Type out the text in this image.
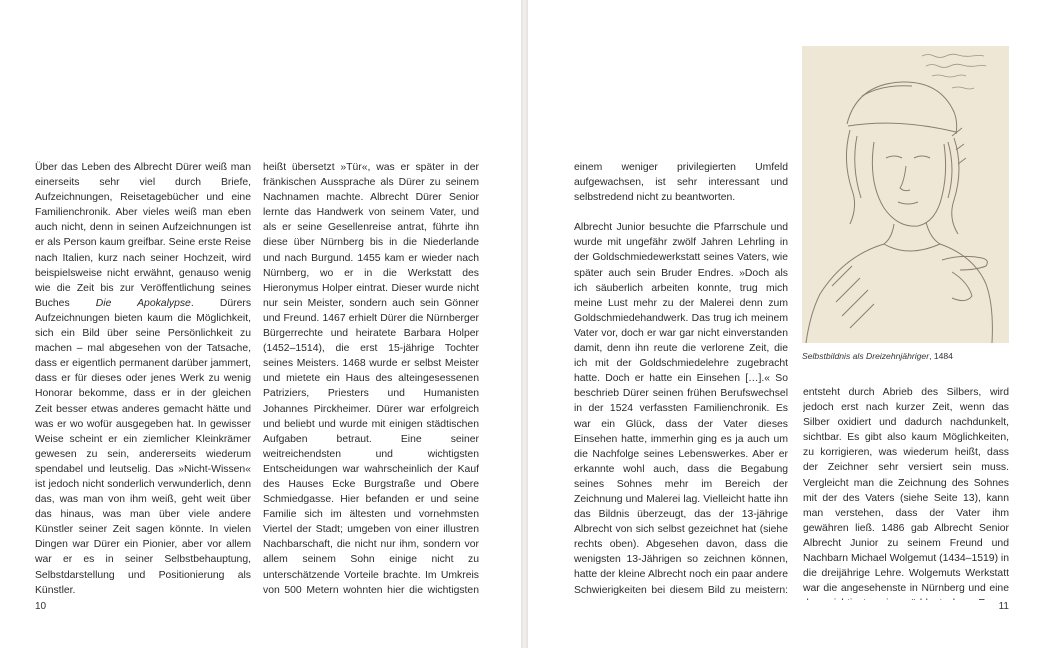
Über das Leben des Albrecht Dürer weiß man einerseits sehr viel durch Briefe, Aufzeichnungen, Reisetagebücher und eine Familienchronik. Aber vieles weiß man eben auch nicht, denn in seinen Aufzeichnungen ist er als Person kaum greifbar. Seine erste Reise nach Italien, kurz nach seiner Hochzeit, wird beispielsweise nicht erwähnt, genauso wenig wie die Zeit bis zur Veröffentlichung seines Buches	Die Apokalypse. Dürers Aufzeichnungen bieten kaum die Möglichkeit, sich ein Bild über seine Persönlichkeit zu machen – mal abgesehen von der Tatsache, dass er eigentlich permanent darüber jammert, dass er für dieses oder jenes Werk zu wenig Honorar bekomme, dass er in der gleichen Zeit besser etwas anderes gemacht hätte und was er wo wofür ausgegeben hat. In gewisser Weise scheint er ein ziemlicher Kleinkrämer gewesen zu sein, andererseits wiederum spendabel und leutselig. Das »Nicht-Wissen« ist jedoch nicht sonderlich verwunderlich, denn das, was man von ihm weiß, geht weit über das hinaus, was man über viele andere Künstler seiner Zeit sagen könnte. In vielen Dingen war Dürer ein Pionier, aber vor allem war er es in seiner Selbstbehauptung, Selbstdarstellung und Positionierung als Künstler.

heißt übersetzt »Tür«, was er später in der fränkischen Aussprache als Dürer zu seinem Nachnamen machte. Albrecht Dürer Senior lernte das Handwerk von seinem Vater, und als er seine Gesellenreise antrat, führte ihn diese über Nürnberg bis in die Niederlande und nach Burgund. 1455 kam er wieder nach Nürnberg, wo er in die Werkstatt des Hieronymus Holper eintrat. Dieser wurde nicht nur sein Meister, sondern auch sein Gönner und Freund. 1467 erhielt Dürer die Nürnberger Bürgerrechte und heiratete Barbara Holper (1452–1514), die erst 15-jährige Tochter seines Meisters. 1468 wurde er selbst Meister und mietete ein Haus des alteingesessenen Patriziers, Priesters und Humanisten Johannes Pirckheimer. Dürer war erfolgreich und beliebt und wurde mit einigen städtischen Aufgaben betraut. Eine seiner weitreichendsten und wichtigsten Entscheidungen war wahrscheinlich der Kauf des Hauses Ecke Burgstraße und Obere Schmiedgasse. Hier befanden er und seine Familie sich im ältesten und vornehmsten Viertel der Stadt; umgeben von einer illustren Nachbarschaft, die nicht nur ihm, sondern vor allem seinem Sohn einige nicht zu unterschätzende Vorteile brachte. Im Umkreis von 500 Metern wohnten hier die wichtigsten

10

einem weniger privilegierten Umfeld aufgewachsen, ist sehr interessant und selbstredend nicht zu beantworten.

Albrecht Junior besuchte die Pfarrschule und wurde mit ungefähr zwölf Jahren Lehrling in der Goldschmiedewerkstatt seines Vaters, wie später auch sein Bruder Endres. »Doch als ich säuberlich arbeiten konnte, trug mich meine Lust mehr zu der Malerei denn zum Goldschmiedehandwerk. Das trug ich meinem Vater vor, doch er war gar nicht einverstanden damit, denn ihn reute die verlorene Zeit, die ich mit der Goldschmiedelehre zugebracht hatte. Doch er hatte ein Einsehen […].« So beschrieb Dürer seinen frühen Berufswechsel in der 1524 verfassten Familienchronik. Es war ein Glück, dass der Vater dieses Einsehen hatte, immerhin ging es ja auch um die Nachfolge seines Lebenswerkes. Aber er erkannte wohl auch, dass die Begabung seines Sohnes mehr im Bereich der Zeichnung und Malerei lag. Vielleicht hatte ihn das Bildnis überzeugt, das der 13-jährige Albrecht von sich selbst gezeichnet hat (siehe rechts oben). Abgesehen davon, dass die wenigsten 13-Jährigen so zeichnen können, hatte der kleine Albrecht noch ein paar andere Schwierigkeiten bei diesem Bild zu meistern:

Selbstbildnis als Dreizehnjähriger, 1484

entsteht durch Abrieb des Silbers, wird jedoch erst nach kurzer Zeit, wenn das Silber oxidiert und dadurch nachdunkelt, sichtbar. Es gibt also kaum Möglichkeiten, zu korrigieren, was wiederum heißt, dass der Zeichner sehr versiert sein muss. Vergleicht man die Zeichnung des Sohnes mit der des Vaters (siehe Seite 13), kann man verstehen, dass der Vater ihm gewähren ließ. 1486 gab Albrecht Senior Albrecht Junior zu seinem Freund und Nachbarn Michael Wolgemut (1434–1519) in die dreijährige Lehre. Wolgemuts Werkstatt war die angesehenste in Nürnberg und eine

11
